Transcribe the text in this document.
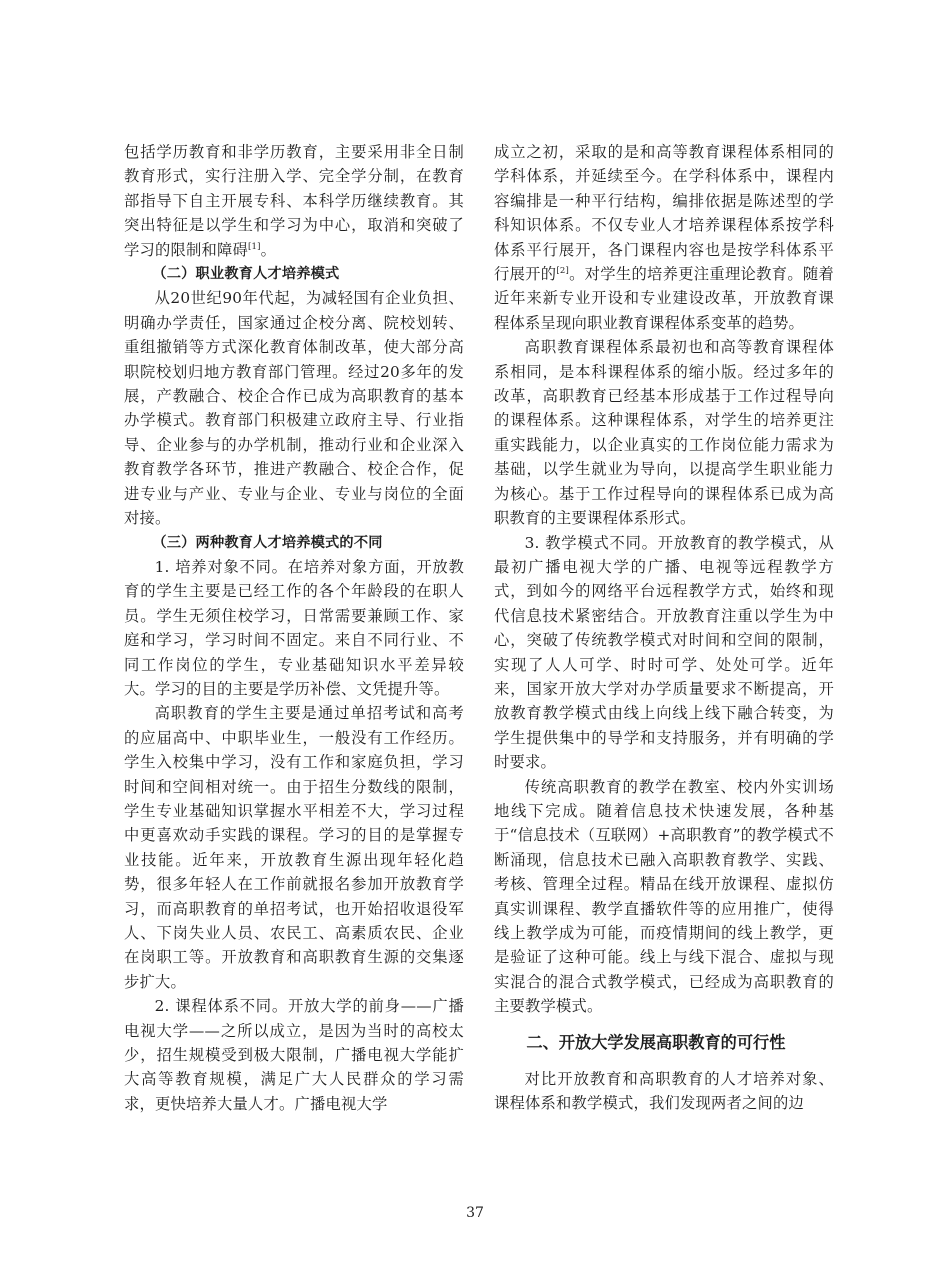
包括学历教育和非学历教育，主要采用非全日制教育形式，实行注册入学、完全学分制，在教育部指导下自主开展专科、本科学历继续教育。其突出特征是以学生和学习为中心，取消和突破了学习的限制和障碍[1]。

（二）职业教育人才培养模式

从20世纪90年代起，为减轻国有企业负担、明确办学责任，国家通过企校分离、院校划转、重组撤销等方式深化教育体制改革，使大部分高职院校划归地方教育部门管理。经过20多年的发展，产教融合、校企合作已成为高职教育的基本办学模式。教育部门积极建立政府主导、行业指导、企业参与的办学机制，推动行业和企业深入教育教学各环节，推进产教融合、校企合作，促进专业与产业、专业与企业、专业与岗位的全面对接。

（三）两种教育人才培养模式的不同

1. 培养对象不同。在培养对象方面，开放教育的学生主要是已经工作的各个年龄段的在职人员。学生无须住校学习，日常需要兼顾工作、家庭和学习，学习时间不固定。来自不同行业、不同工作岗位的学生，专业基础知识水平差异较大。学习的目的主要是学历补偿、文凭提升等。

高职教育的学生主要是通过单招考试和高考的应届高中、中职毕业生，一般没有工作经历。学生入校集中学习，没有工作和家庭负担，学习时间和空间相对统一。由于招生分数线的限制，学生专业基础知识掌握水平相差不大，学习过程中更喜欢动手实践的课程。学习的目的是掌握专业技能。近年来，开放教育生源出现年轻化趋势，很多年轻人在工作前就报名参加开放教育学习，而高职教育的单招考试，也开始招收退役军人、下岗失业人员、农民工、高素质农民、企业在岗职工等。开放教育和高职教育生源的交集逐步扩大。

2. 课程体系不同。开放大学的前身——广播电视大学——之所以成立，是因为当时的高校太少，招生规模受到极大限制，广播电视大学能扩大高等教育规模，满足广大人民群众的学习需求，更快培养大量人才。广播电视大学

成立之初，采取的是和高等教育课程体系相同的学科体系，并延续至今。在学科体系中，课程内容编排是一种平行结构，编排依据是陈述型的学科知识体系。不仅专业人才培养课程体系按学科体系平行展开，各门课程内容也是按学科体系平行展开的[2]。对学生的培养更注重理论教育。随着近年来新专业开设和专业建设改革，开放教育课程体系呈现向职业教育课程体系变革的趋势。

高职教育课程体系最初也和高等教育课程体系相同，是本科课程体系的缩小版。经过多年的改革，高职教育已经基本形成基于工作过程导向的课程体系。这种课程体系，对学生的培养更注重实践能力，以企业真实的工作岗位能力需求为基础，以学生就业为导向，以提高学生职业能力为核心。基于工作过程导向的课程体系已成为高职教育的主要课程体系形式。

3. 教学模式不同。开放教育的教学模式，从最初广播电视大学的广播、电视等远程教学方式，到如今的网络平台远程教学方式，始终和现代信息技术紧密结合。开放教育注重以学生为中心，突破了传统教学模式对时间和空间的限制，实现了人人可学、时时可学、处处可学。近年来，国家开放大学对办学质量要求不断提高，开放教育教学模式由线上向线上线下融合转变，为学生提供集中的导学和支持服务，并有明确的学时要求。

传统高职教育的教学在教室、校内外实训场地线下完成。随着信息技术快速发展，各种基于“信息技术（互联网）+高职教育”的教学模式不断涌现，信息技术已融入高职教育教学、实践、考核、管理全过程。精品在线开放课程、虚拟仿真实训课程、教学直播软件等的应用推广，使得线上教学成为可能，而疫情期间的线上教学，更是验证了这种可能。线上与线下混合、虚拟与现实混合的混合式教学模式，已经成为高职教育的主要教学模式。

二、开放大学发展高职教育的可行性

对比开放教育和高职教育的人才培养对象、课程体系和教学模式，我们发现两者之间的边

37
